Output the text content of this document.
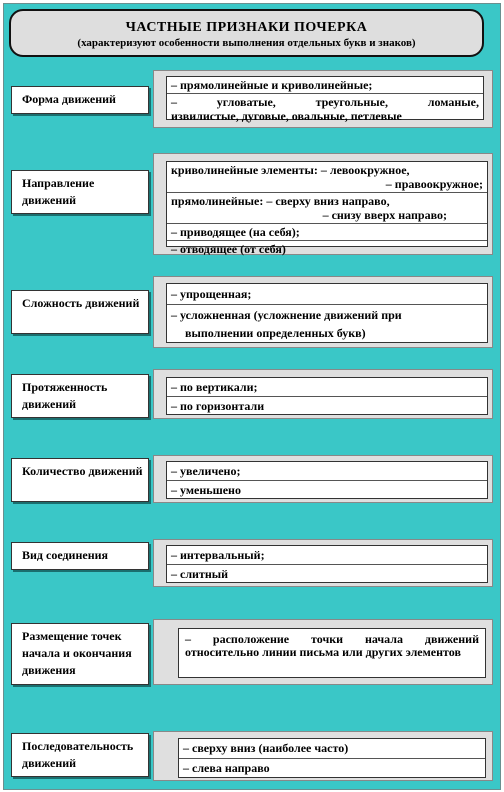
ЧАСТНЫЕ ПРИЗНАКИ ПОЧЕРКА
(характеризуют особенности выполнения отдельных букв и знаков)
Форма движений
– прямолинейные и криволинейные;
– угловатые, треугольные, ломаные,
извилистые, дуговые, овальные, петлевые
Направление движений
криволинейные элементы: – левоокружное,
– правоокружное;
прямолинейные: – сверху вниз направо,
– снизу вверх направо;
– приводящее (на себя);
– отводящее (от себя)
Сложность движений
– упрощенная;
– усложненная (усложнение движений при
выполнении определенных букв)
Протяженность движений
– по вертикали;
– по горизонтали
Количество движений	– увеличено;
– уменьшено
Вид соединения	– интервальный;
– слитный
Размещение точек начала и окончания движения
– расположение точки начала движений относительно линии письма или других элементов
Последовательность движений
– сверху вниз (наиболее часто)
– слева направо
